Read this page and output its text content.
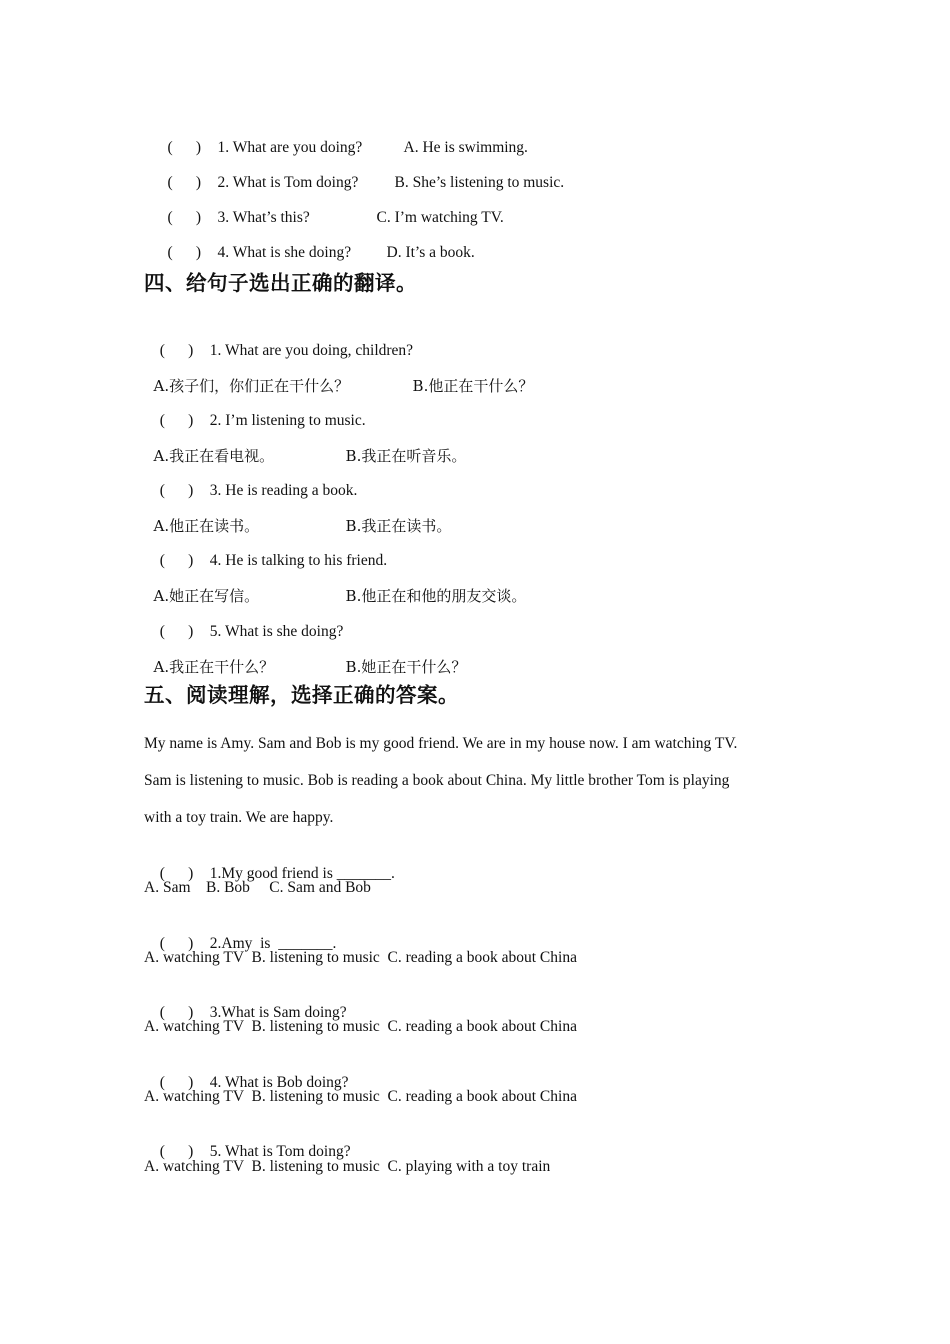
(      ) 1. What are you doing?	A. He is swimming.

(      ) 2. What is Tom doing? B. She’s listening to music.

(      ) 3. What’s this?	C. I’m watching TV.

(      ) 4. What is she doing? D. It’s a book.

四、给句子选出正确的翻译。

(      ) 1. What are you doing, children?

A.孩子们，你们正在干什么？	B.他正在干什么？

(      ) 2. I’m listening to music.

A.我正在看电视。	B.我正在听音乐。

(      ) 3. He is reading a book.

A.他正在读书。	B.我正在读书。

(      ) 4. He is talking to his friend.

A.她正在写信。	B.他正在和他的朋友交谈。

(      ) 5. What is she doing?

A.我正在干什么？	B.她正在干什么？

五、阅读理解，选择正确的答案。
My name is Amy. Sam and Bob is my good friend. We are in my house now. I am watching TV.
Sam is listening to music. Bob is reading a book about China. My little brother Tom is playing
with a toy train. We are happy.

(      ) 1.My good friend is _______.

A. Sam    B. Bob     C. Sam and Bob

(      ) 2.Amy  is  _______.

A. watching TV  B. listening to music  C. reading a book about China

(      ) 3.What is Sam doing?

A. watching TV  B. listening to music  C. reading a book about China

(      ) 4. What is Bob doing?

A. watching TV  B. listening to music  C. reading a book about China

(      ) 5. What is Tom doing?

A. watching TV  B. listening to music  C. playing with a toy train
